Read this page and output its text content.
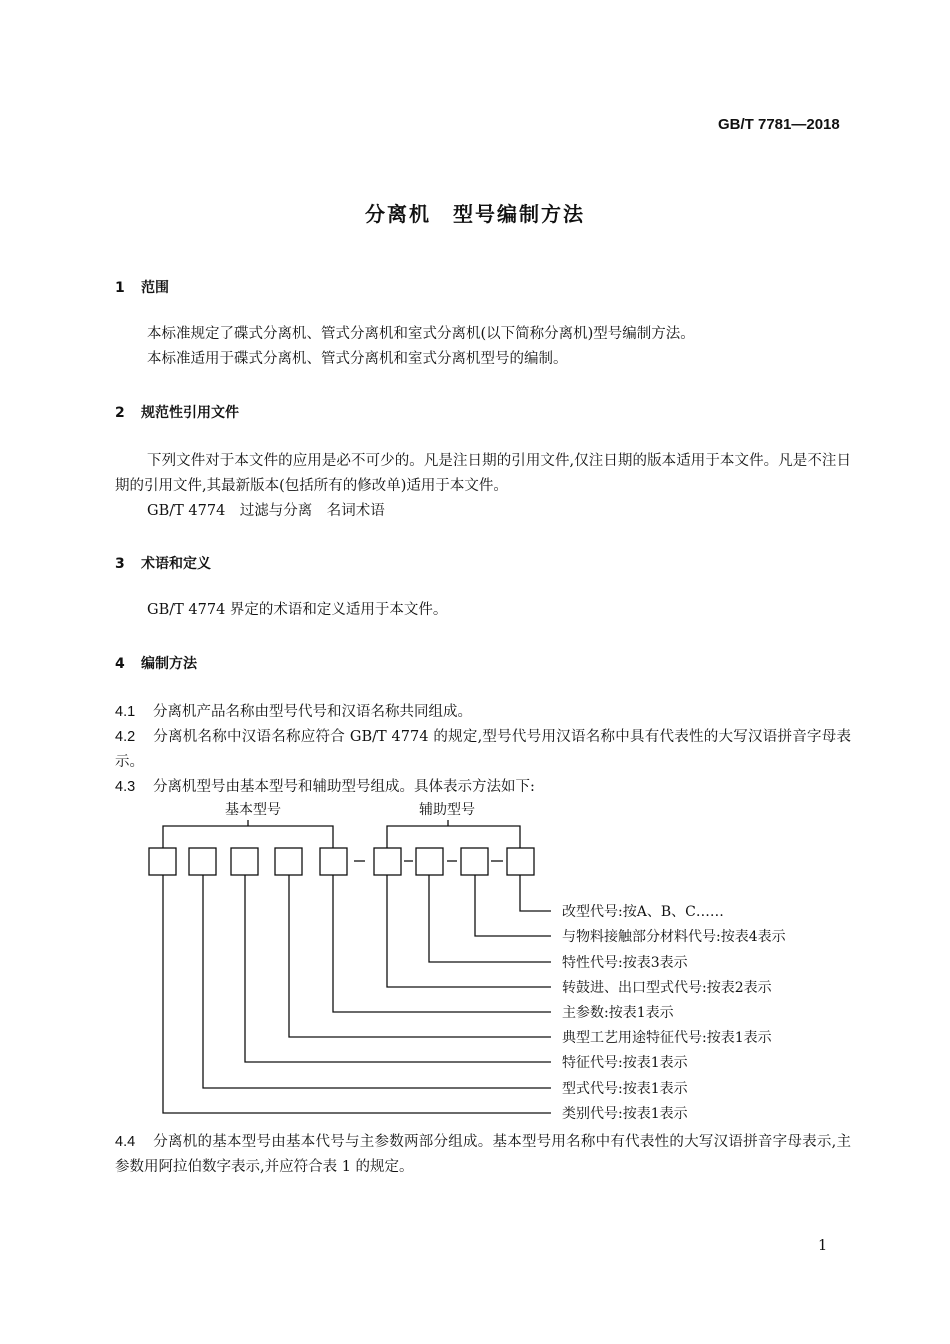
GB/T 7781—2018
分离机　型号编制方法
1 范围
本标准规定了碟式分离机、管式分离机和室式分离机(以下简称分离机)型号编制方法。
本标准适用于碟式分离机、管式分离机和室式分离机型号的编制。
2 规范性引用文件
下列文件对于本文件的应用是必不可少的。凡是注日期的引用文件,仅注日期的版本适用于本文件。凡是不注日期的引用文件,其最新版本(包括所有的修改单)适用于本文件。
GB/T 4774　过滤与分离　名词术语
3 术语和定义
GB/T 4774 界定的术语和定义适用于本文件。
4 编制方法
4.1 分离机产品名称由型号代号和汉语名称共同组成。
4.2 分离机名称中汉语名称应符合 GB/T 4774 的规定,型号代号用汉语名称中具有代表性的大写汉语拼音字母表示。
4.3 分离机型号由基本型号和辅助型号组成。具体表示方法如下:
基本型号	辅助型号
改型代号:按A、B、C……
与物料接触部分材料代号:按表4表示
特性代号:按表3表示
转鼓进、出口型式代号:按表2表示
主参数:按表1表示
典型工艺用途特征代号:按表1表示
特征代号:按表1表示
型式代号:按表1表示
类别代号:按表1表示
4.4 分离机的基本型号由基本代号与主参数两部分组成。基本型号用名称中有代表性的大写汉语拼音字母表示,主参数用阿拉伯数字表示,并应符合表 1 的规定。
1
